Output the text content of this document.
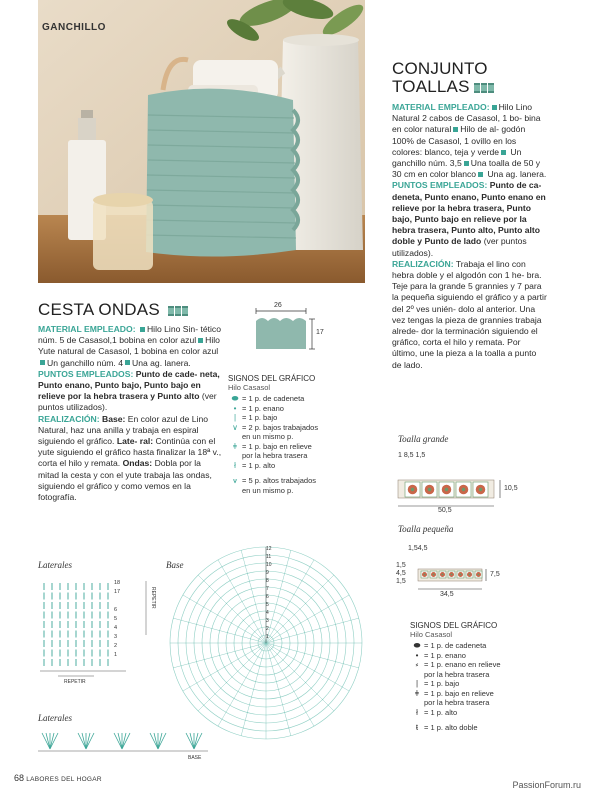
GANCHILLO
CESTA ONDAS
MATERIAL EMPLEADO: Hilo Lino Sin- tético núm. 5 de Casasol,1 bobina en color azul Hilo Yute natural de Casasol, 1 bobina en color azulUn ganchillo núm. 4 Una ag. lanera.
PUNTOS EMPLEADOS: Punto de cade- neta, Punto enano, Punto bajo, Punto bajo en relieve por la hebra trasera y Punto alto (ver puntos utilizados).
REALIZACIÓN: Base: En color azul de Lino Natural, haz una anilla y trabaja en espiral siguiendo el gráfico. Late- ral: Continúa con el yute siguiendo el gráfico hasta finalizar la 18ª v., corta el hilo y remata. Ondas: Dobla por la mitad la cesta y con el yute trabaja las ondas, siguiendo el gráfico y como vemos en la fotografía.
26
17
SIGNOS DEL GRÁFICO
Hilo Casasol
⬬ = 1 p. de cadeneta
• = 1 p. enano
| = 1 p. bajo
∨ = 2 p. bajos trabajados
en un mismo p.
ǂ = 1 p. bajo en relieve
por la hebra trasera
ł = 1 p. alto
⩛ = 5 p. altos trabajados
en un mismo p.
Laterales
18
17

6
5
4
3
2
1
REPETIR
REPETIR
Base
12
11
10
9
8
7
6
5
4
3
2
1
Laterales
BASE
CONJUNTO
TOALLAS
MATERIAL EMPLEADO: Hilo Lino Natural 2 cabos de Casasol, 1 bo- bina en color natural Hilo de al- godón 100% de Casasol, 1 ovillo en los colores: blanco, teja y verde Un ganchillo núm. 3,5 Una toalla de 50 y 30 cm en color blanco Una ag. lanera.
PUNTOS EMPLEADOS: Punto de ca- deneta, Punto enano, Punto enano en relieve por la hebra trasera, Punto bajo, Punto bajo en relieve por la hebra trasera, Punto alto, Punto alto doble y Punto de lado (ver puntos utilizados).
REALIZACIÓN: Trabaja el lino con hebra doble y el algodón con 1 he- bra. Teje para la grande 5 grannies y 7 para la pequeña siguiendo el gráfico y a partir del 2º ves unién- dolo al anterior. Una vez tengas la pieza de grannies trabaja alrede- dor la terminación siguiendo el gráfico, corta el hilo y remata. Por último, une la pieza a la toalla a punto de lado.
Toalla grande
1 8,5 1,5
10,5
50,5
Toalla pequeña
1,54,5
1,5
4,5
1,5
7,5
34,5
SIGNOS DEL GRÁFICO
Hilo Casasol
⬬ = 1 p. de cadeneta
• = 1 p. enano
⸗ = 1 p. enano en relieve
por la hebra trasera
| = 1 p. bajo
ǂ = 1 p. bajo en relieve
por la hebra trasera
ł = 1 p. alto
ŧ = 1 p. alto doble
68 LABORES DEL HOGAR
PassionForum.ru
